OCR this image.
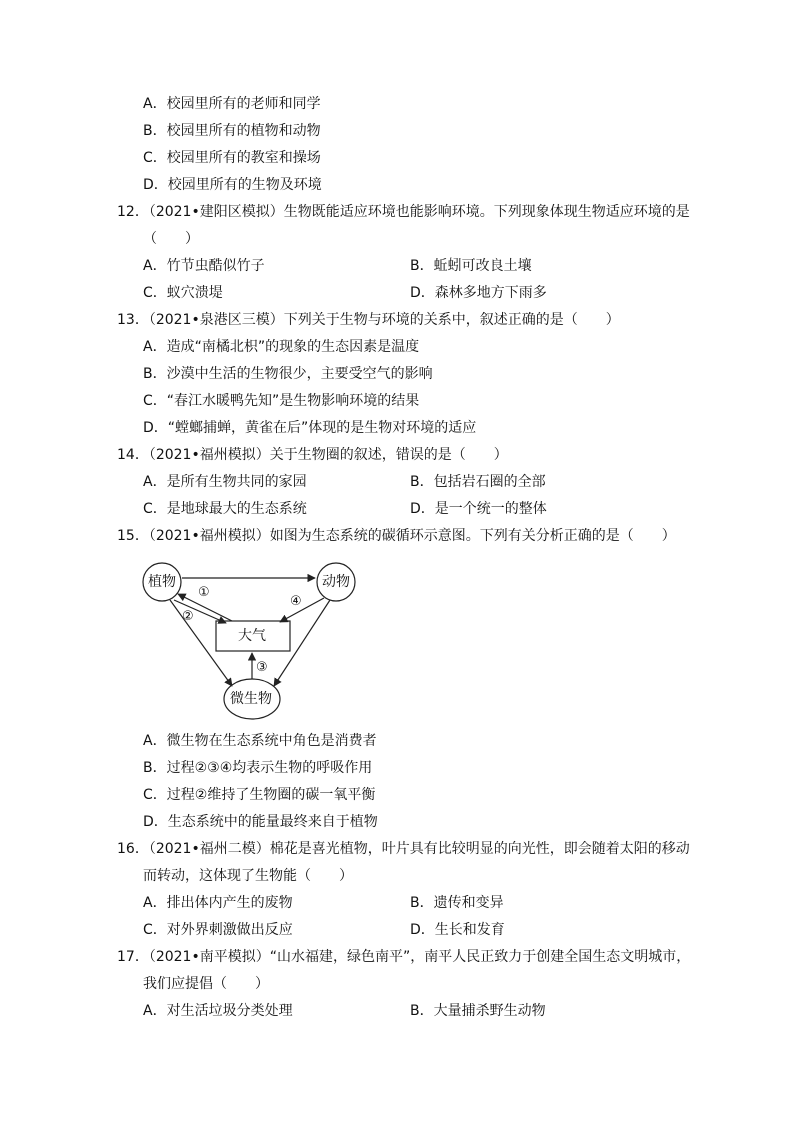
A．校园里所有的老师和同学
B．校园里所有的植物和动物
C．校园里所有的教室和操场
D．校园里所有的生物及环境
12．（2021•建阳区模拟）生物既能适应环境也能影响环境。下列现象体现生物适应环境的是
（　　）
A．竹节虫酷似竹子	B．蚯蚓可改良土壤
C．蚁穴溃堤	D．森林多地方下雨多
13．（2021•泉港区三模）下列关于生物与环境的关系中，叙述正确的是（　　）
A．造成“南橘北枳”的现象的生态因素是温度
B．沙漠中生活的生物很少，主要受空气的影响
C．“春江水暖鸭先知”是生物影响环境的结果
D．“螳螂捕蝉，黄雀在后”体现的是生物对环境的适应
14．（2021•福州模拟）关于生物圈的叙述，错误的是（　　）
A．是所有生物共同的家园	B．包括岩石圈的全部
C．是地球最大的生态系统	D．是一个统一的整体
15．（2021•福州模拟）如图为生态系统的碳循环示意图。下列有关分析正确的是（　　）
植物	动物
大气
微生物
①
②
③
④
A．微生物在生态系统中角色是消费者
B．过程②③④均表示生物的呼吸作用
C．过程②维持了生物圈的碳一氧平衡
D．生态系统中的能量最终来自于植物
16．（2021•福州二模）棉花是喜光植物，叶片具有比较明显的向光性，即会随着太阳的移动
而转动，这体现了生物能（　　）
A．排出体内产生的废物	B．遗传和变异
C．对外界刺激做出反应	D．生长和发育
17．（2021•南平模拟）“山水福建，绿色南平”，南平人民正致力于创建全国生态文明城市，
我们应提倡（　　）
A．对生活垃圾分类处理	B．大量捕杀野生动物
